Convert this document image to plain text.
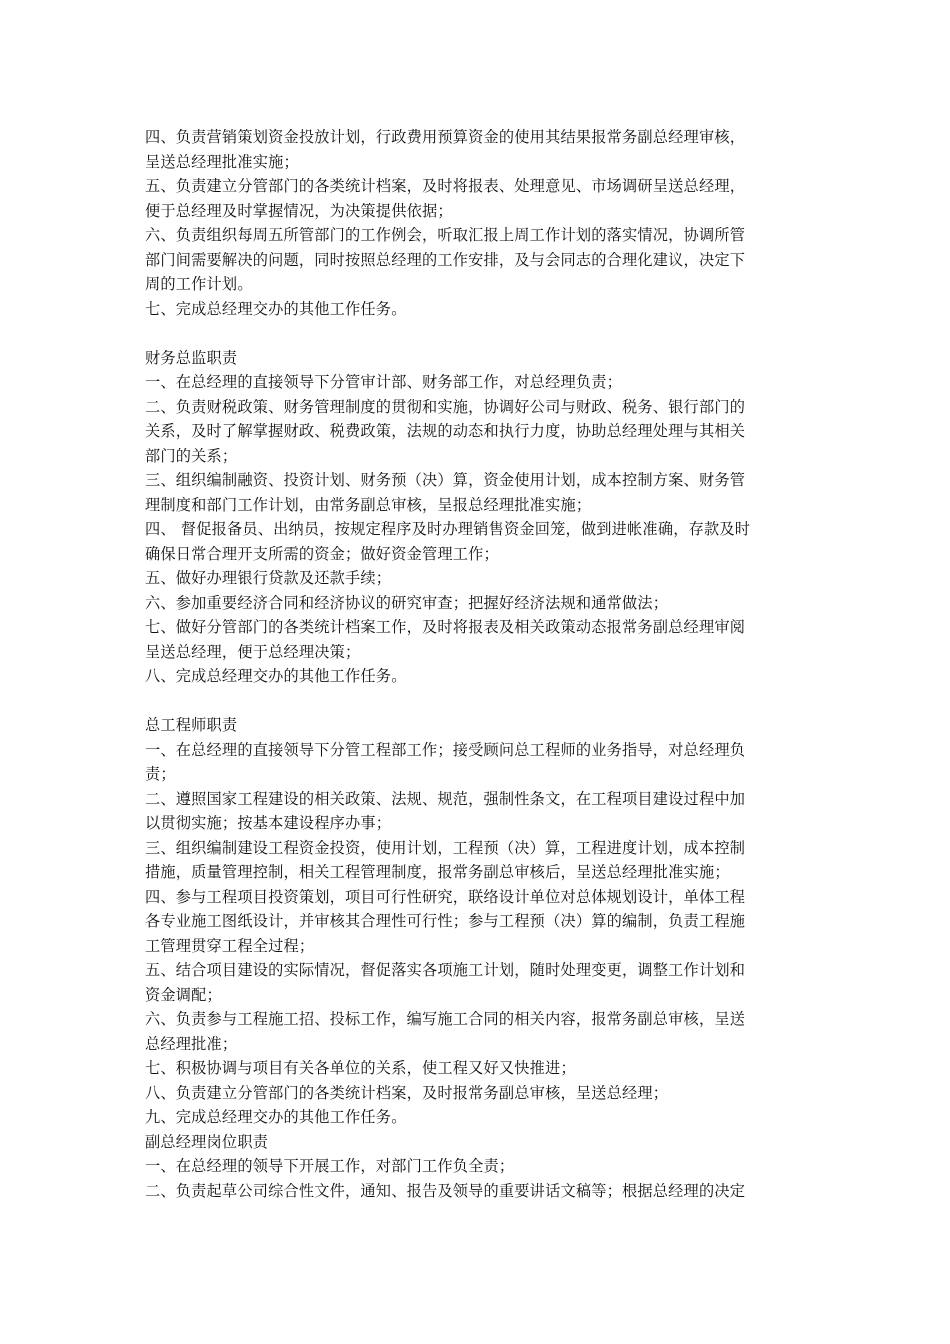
四、负责营销策划资金投放计划，行政费用预算资金的使用其结果报常务副总经理审核，
呈送总经理批准实施；
五、负责建立分管部门的各类统计档案，及时将报表、处理意见、市场调研呈送总经理，
便于总经理及时掌握情况，为决策提供依据；
六、负责组织每周五所管部门的工作例会，听取汇报上周工作计划的落实情况，协调所管
部门间需要解决的问题，同时按照总经理的工作安排，及与会同志的合理化建议，决定下
周的工作计划。
七、完成总经理交办的其他工作任务。
财务总监职责
一、在总经理的直接领导下分管审计部、财务部工作，对总经理负责；
二、负责财税政策、财务管理制度的贯彻和实施，协调好公司与财政、税务、银行部门的
关系，及时了解掌握财政、税费政策，法规的动态和执行力度，协助总经理处理与其相关
部门的关系；
三、组织编制融资、投资计划、财务预（决）算，资金使用计划，成本控制方案、财务管
理制度和部门工作计划，由常务副总审核，呈报总经理批准实施；
四、 督促报备员、出纳员，按规定程序及时办理销售资金回笼，做到进帐准确，存款及时
确保日常合理开支所需的资金；做好资金管理工作；
五、做好办理银行贷款及还款手续；
六、参加重要经济合同和经济协议的研究审查；把握好经济法规和通常做法；
七、做好分管部门的各类统计档案工作，及时将报表及相关政策动态报常务副总经理审阅
呈送总经理，便于总经理决策；
八、完成总经理交办的其他工作任务。
总工程师职责
一、在总经理的直接领导下分管工程部工作；接受顾问总工程师的业务指导，对总经理负
责；
二、遵照国家工程建设的相关政策、法规、规范，强制性条文，在工程项目建设过程中加
以贯彻实施；按基本建设程序办事；
三、组织编制建设工程资金投资，使用计划，工程预（决）算，工程进度计划，成本控制
措施，质量管理控制，相关工程管理制度，报常务副总审核后，呈送总经理批准实施；
四、参与工程项目投资策划，项目可行性研究，联络设计单位对总体规划设计，单体工程
各专业施工图纸设计，并审核其合理性可行性；参与工程预（决）算的编制，负责工程施
工管理贯穿工程全过程；
五、结合项目建设的实际情况，督促落实各项施工计划，随时处理变更，调整工作计划和
资金调配；
六、负责参与工程施工招、投标工作，编写施工合同的相关内容，报常务副总审核，呈送
总经理批准；
七、积极协调与项目有关各单位的关系，使工程又好又快推进；
八、负责建立分管部门的各类统计档案，及时报常务副总审核，呈送总经理；
九、完成总经理交办的其他工作任务。
副总经理岗位职责
一、在总经理的领导下开展工作，对部门工作负全责；
二、负责起草公司综合性文件，通知、报告及领导的重要讲话文稿等；根据总经理的决定
